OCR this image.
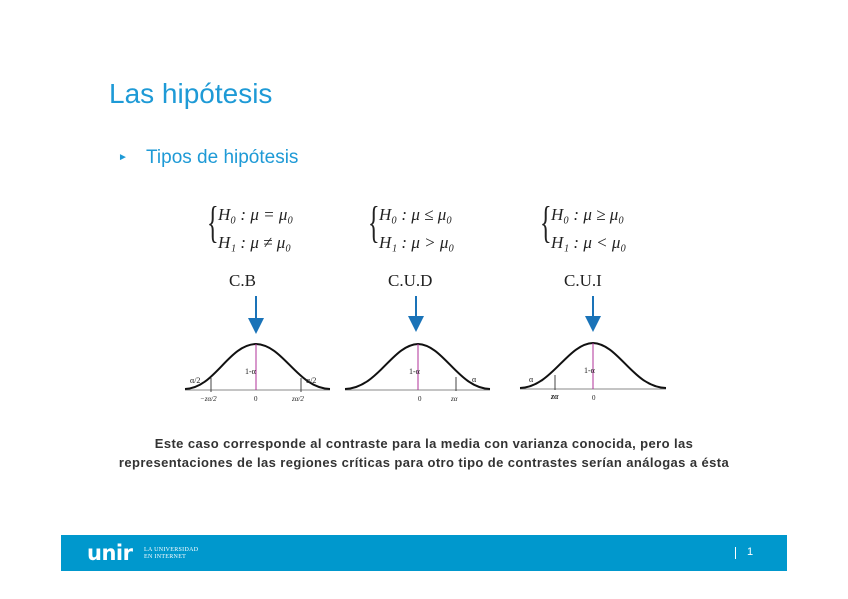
Las hipótesis
► Tipos de hipótesis
{ H₀ : μ = μ₀
H₁ : μ ≠ μ₀ { H₀ : μ ≤ μ₀
H₁ : μ > μ₀ { H₀ : μ ≥ μ₀
H₁ : μ < μ₀
C.B	C.U.D	C.U.I
α/2	α/2
1-α
−zα/2	0	zα/2
1-α
α
0	zα
α
1-α
zα	0
Este caso corresponde al contraste para la media con varianza conocida, pero las
representaciones de las regiones críticas para otro tipo de contrastes serían análogas a ésta
unir LA UNIVERSIDAD
EN INTERNET	1
